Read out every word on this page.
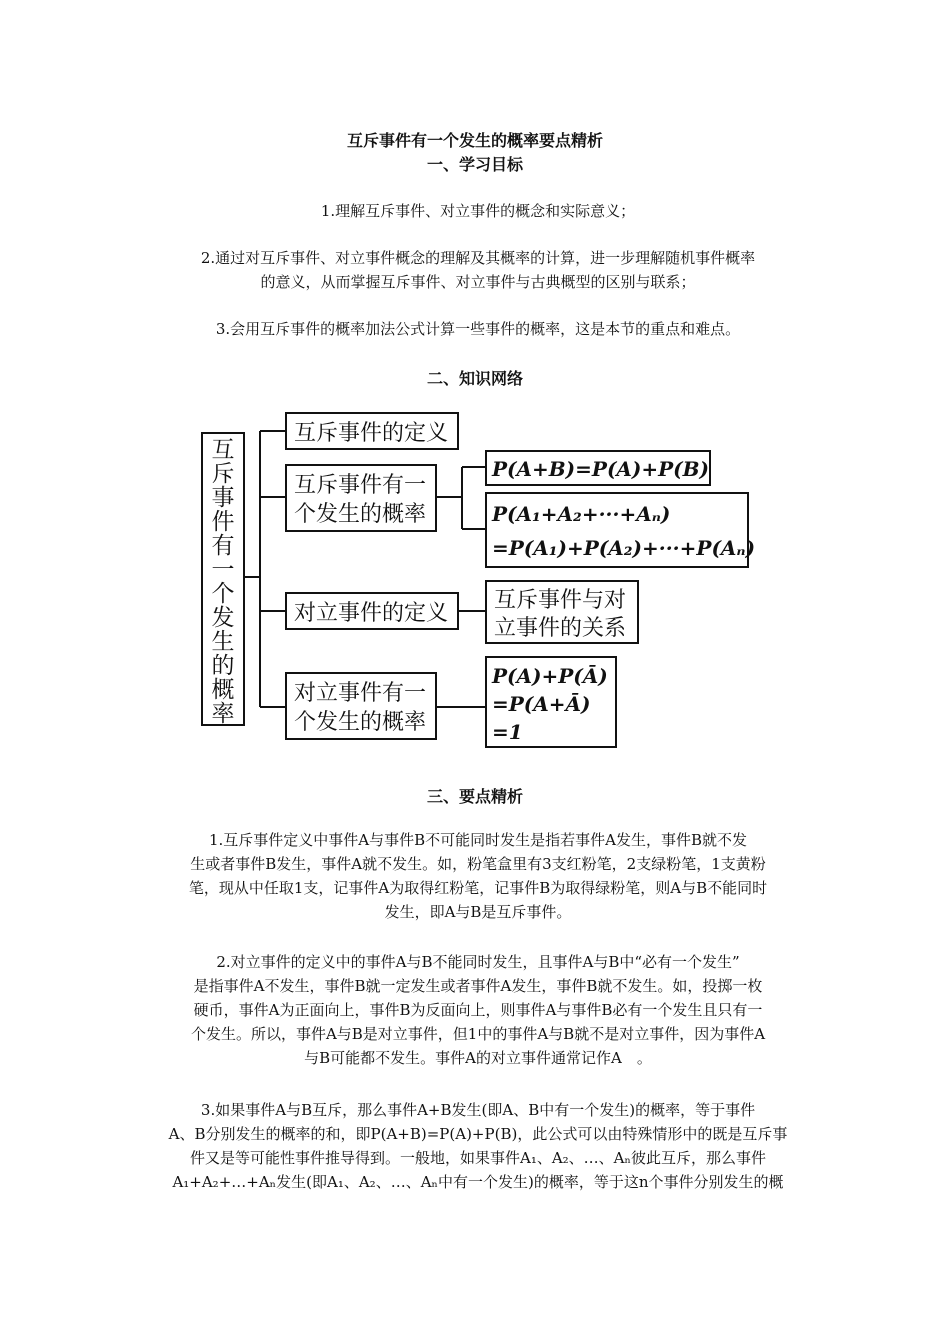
互斥事件有一个发生的概率要点精析
一、学习目标
1.理解互斥事件、对立事件的概念和实际意义；
2.通过对互斥事件、对立事件概念的理解及其概率的计算，进一步理解随机事件概率
的意义，从而掌握互斥事件、对立事件与古典概型的区别与联系；
3.会用互斥事件的概率加法公式计算一些事件的概率，这是本节的重点和难点。
二、知识网络
互
斥
事
件
有
一
个
发
生
的
概
率
互斥事件的定义
互斥事件有一
个发生的概率
对立事件的定义
对立事件有一
个发生的概率
互斥事件与对
立事件的关系
P(A+B)=P(A)+P(B)
P(A₁+A₂+···+Aₙ)
=P(A₁)+P(A₂)+···+P(Aₙ)
P(A)+P(Ā)
=P(A+Ā)
=1
三、要点精析
1.互斥事件定义中事件A与事件B不可能同时发生是指若事件A发生，事件B就不发
生或者事件B发生，事件A就不发生。如，粉笔盒里有3支红粉笔，2支绿粉笔，1支黄粉
笔，现从中任取1支，记事件A为取得红粉笔，记事件B为取得绿粉笔，则A与B不能同时
发生，即A与B是互斥事件。
2.对立事件的定义中的事件A与B不能同时发生，且事件A与B中“必有一个发生”
是指事件A不发生，事件B就一定发生或者事件A发生，事件B就不发生。如，投掷一枚
硬币，事件A为正面向上，事件B为反面向上，则事件A与事件B必有一个发生且只有一
个发生。所以，事件A与B是对立事件，但1中的事件A与B就不是对立事件，因为事件A
与B可能都不发生。事件A的对立事件通常记作A　。
3.如果事件A与B互斥，那么事件A+B发生(即A、B中有一个发生)的概率，等于事件
A、B分别发生的概率的和，即P(A+B)=P(A)+P(B)，此公式可以由特殊情形中的既是互斥事
件又是等可能性事件推导得到。一般地，如果事件A₁、A₂、…、Aₙ彼此互斥，那么事件
A₁+A₂+…+Aₙ发生(即A₁、A₂、…、Aₙ中有一个发生)的概率，等于这n个事件分别发生的概
